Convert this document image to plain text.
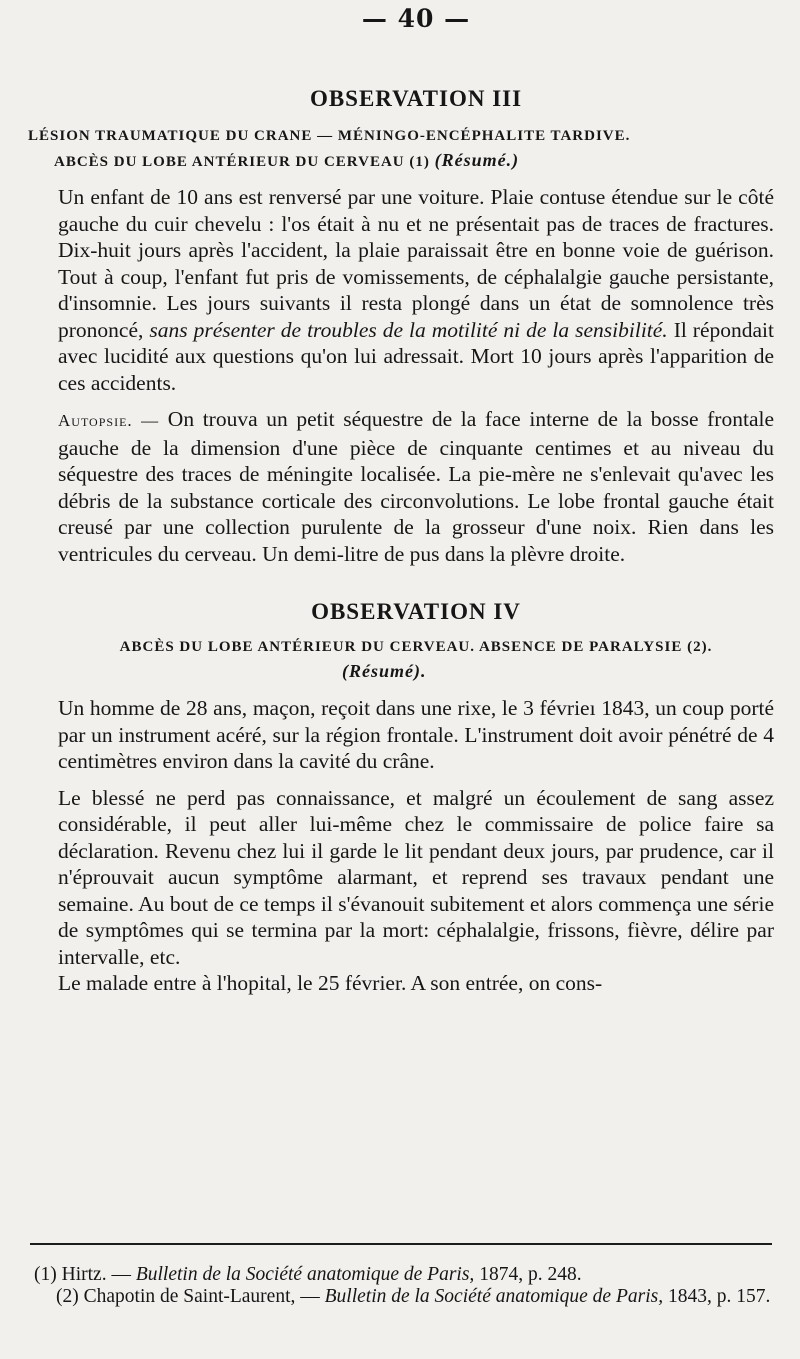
— 40 —
OBSERVATION III
LÉSION TRAUMATIQUE DU CRANE — MÉNINGO-ENCÉPHALITE TARDIVE.
ABCÈS DU LOBE ANTÉRIEUR DU CERVEAU (1) (Résumé.)

Un enfant de 10 ans est renversé par une voiture. Plaie contuse étendue sur le côté gauche du cuir chevelu : l'os était à nu et ne présentait pas de traces de fractures. Dix-huit jours après l'accident, la plaie paraissait être en bonne voie de guérison. Tout à coup, l'enfant fut pris de vomissements, de céphalalgie gauche persistante, d'insomnie. Les jours suivants il resta plongé dans un état de somnolence très prononcé, sans présenter de troubles de la motilité ni de la sensibilité. Il répondait avec lucidité aux questions qu'on lui adressait. Mort 10 jours après l'apparition de ces accidents.

Autopsie. — On trouva un petit séquestre de la face interne de la bosse frontale gauche de la dimension d'une pièce de cinquante centimes et au niveau du séquestre des traces de méningite localisée. La pie-mère ne s'enlevait qu'avec les débris de la substance corticale des circonvolutions. Le lobe frontal gauche était creusé par une collection purulente de la grosseur d'une noix. Rien dans les ventricules du cerveau. Un demi-litre de pus dans la plèvre droite.

OBSERVATION IV
ABCÈS DU LOBE ANTÉRIEUR DU CERVEAU. ABSENCE DE PARALYSIE (2).
(Résumé).

Un homme de 28 ans, maçon, reçoit dans une rixe, le 3 févrieı 1843, un coup porté par un instrument acéré, sur la région frontale. L'instrument doit avoir pénétré de 4 centimètres environ dans la cavité du crâne.

Le blessé ne perd pas connaissance, et malgré un écoulement de sang assez considérable, il peut aller lui-même chez le commissaire de police faire sa déclaration. Revenu chez lui il garde le lit pendant deux jours, par prudence, car il n'éprouvait aucun symptôme alarmant, et reprend ses travaux pendant une semaine. Au bout de ce temps il s'évanouit subitement et alors commença une série de symptômes qui se termina par la mort: céphalalgie, frissons, fièvre, délire par intervalle, etc.

Le malade entre à l'hopital, le 25 février. A son entrée, on cons-

(1) Hirtz. — Bulletin de la Société anatomique de Paris, 1874, p. 248.
(2) Chapotin de Saint-Laurent, — Bulletin de la Société anatomique de Paris, 1843, p. 157.
